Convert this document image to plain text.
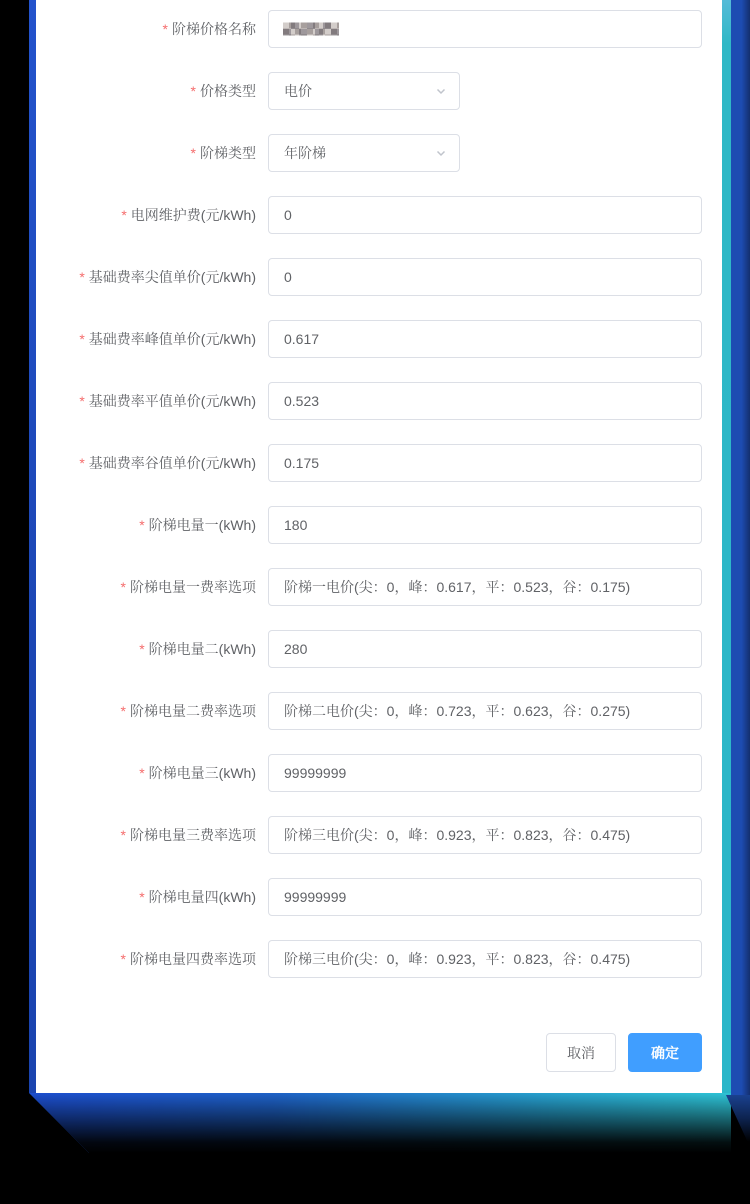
* 阶梯价格名称
* 价格类型 电价
* 阶梯类型 年阶梯
* 电网维护费(元/kWh)
0
* 基础费率尖值单价(元/kWh)
0
* 基础费率峰值单价(元/kWh)
0.617
* 基础费率平值单价(元/kWh)
0.523
* 基础费率谷值单价(元/kWh)
0.175
* 阶梯电量一(kWh)
180
* 阶梯电量一费率选项
阶梯一电价(尖：0，峰：0.617，平：0.523，谷：0.175)
* 阶梯电量二(kWh)
280
* 阶梯电量二费率选项
阶梯二电价(尖：0，峰：0.723，平：0.623，谷：0.275)
* 阶梯电量三(kWh)
99999999
* 阶梯电量三费率选项
阶梯三电价(尖：0，峰：0.923，平：0.823，谷：0.475)
* 阶梯电量四(kWh)
99999999
* 阶梯电量四费率选项
阶梯三电价(尖：0，峰：0.923，平：0.823，谷：0.475)
取消	确定
